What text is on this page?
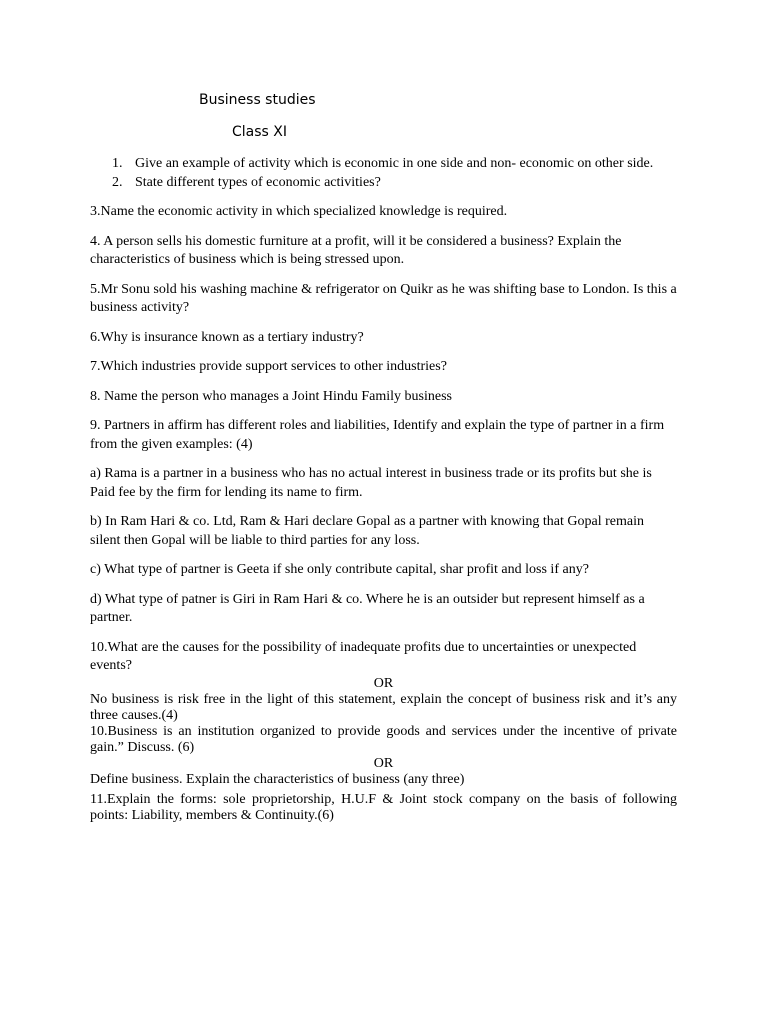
Business studies
Class XI
1. Give an example of activity which is economic in one side and non- economic on other side.
2. State different types of economic activities?

3.Name the economic activity in which specialized knowledge is required.

4. A person sells his domestic furniture at a profit, will it be considered a business? Explain the characteristics of business which is being stressed upon.

5.Mr Sonu sold his washing machine & refrigerator on Quikr as he was shifting base to London. Is this a business activity?

6.Why is insurance known as a tertiary industry?

7.Which industries provide support services to other industries?

8. Name the person who manages a Joint Hindu Family business

9. Partners in affirm has different roles and liabilities, Identify and explain the type of partner in a firm from the given examples: (4)

a) Rama is a partner in a business who has no actual interest in business trade or its profits but she is Paid fee by the firm for lending its name to firm.

b) In Ram Hari & co. Ltd, Ram & Hari declare Gopal as a partner with knowing that Gopal remain silent then Gopal will be liable to third parties for any loss.

c) What type of partner is Geeta if she only contribute capital, shar profit and loss if any?

d) What type of patner is Giri in Ram Hari & co. Where he is an outsider but represent himself as a partner.

10.What are the causes for the possibility of inadequate profits due to uncertainties or unexpected events?

OR

No business is risk free in the light of this statement, explain the concept of business risk and it’s any three causes.(4)

10.Business is an institution organized to provide goods and services under the incentive of private gain.” Discuss. (6)

OR

Define business. Explain the characteristics of business (any three)

11.Explain the forms: sole proprietorship, H.U.F & Joint stock company on the basis of following points: Liability, members & Continuity.(6)
